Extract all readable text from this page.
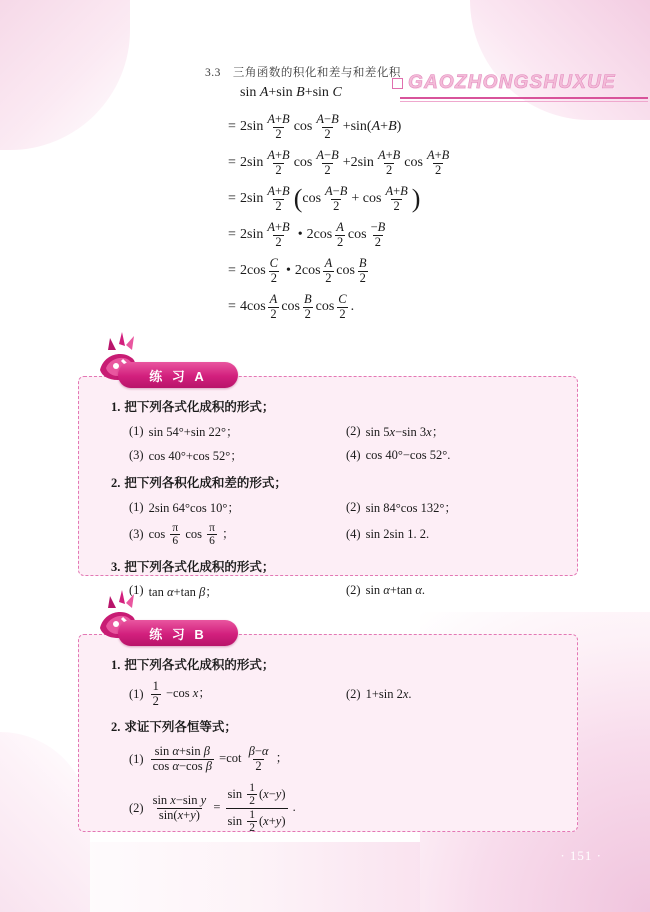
3.3 三角函数的积化和差与和差化积 GAOZHONGSHUXUE
sin A+sin B+sin C
= $2\sin \frac{A+B}{2}$ $\cos \frac{A-B}{2} +\sin(A+B)$
= $2\sin \frac{A+B}{2}$ $\cos \frac{A-B}{2} +2\sin \frac{A+B}{2}$ $\cos \frac{A+B}{2}$
= $2\sin \frac{A+B}{2}$ ( $\cos \frac{A-B}{2} + \cos \frac{A+B}{2}$ )
= $2\sin \frac{A+B}{2}$ • $2\cos \frac{A}{2}$ $\cos \frac{-B}{2}$
= $2\cos \frac{C}{2}$ • $2\cos \frac{A}{2}$ $\cos \frac{B}{2}$
= $4\cos \frac{A}{2}$ $\cos \frac{B}{2}$ $\cos \frac{C}{2}$ .
1. 把下列各式化成积的形式；
(1) sin 54°+sin 22°；	(2) sin 5x−sin 3x；
(3) cos 40°+cos 52°；	(4) cos 40°−cos 52°.
2. 把下列各积化成和差的形式；
(1) 2sin 64°cos 10°；	(2) sin 84°cos 132°；
(3) $\cos \frac{\pi}{6}$ $\cos \frac{\pi}{6}$ ；	(4) sin 2sin 1. 2.
3. 把下列各式化成积的形式；
(1) tan α+tan β；	(2) sin α+tan α.
练 习 A
1. 把下列各式化成积的形式；
$(1) \frac{1}{2} -\cos$ x；	(2) 1+sin 2x.
2. 求证下列各恒等式；
$(1) \frac{\text{sin α+sin β}}{\text{cos α−cos β}} =\cot \frac{\beta-\alpha}{2}$ ；
$(2) \frac{\text{sin x−sin y}}{\sin(x+y)} = \frac{\sin \frac{1}{2} (x-y)}{\sin \frac{1}{2} (x+y)}$ .
练 习 B
· 151 ·
